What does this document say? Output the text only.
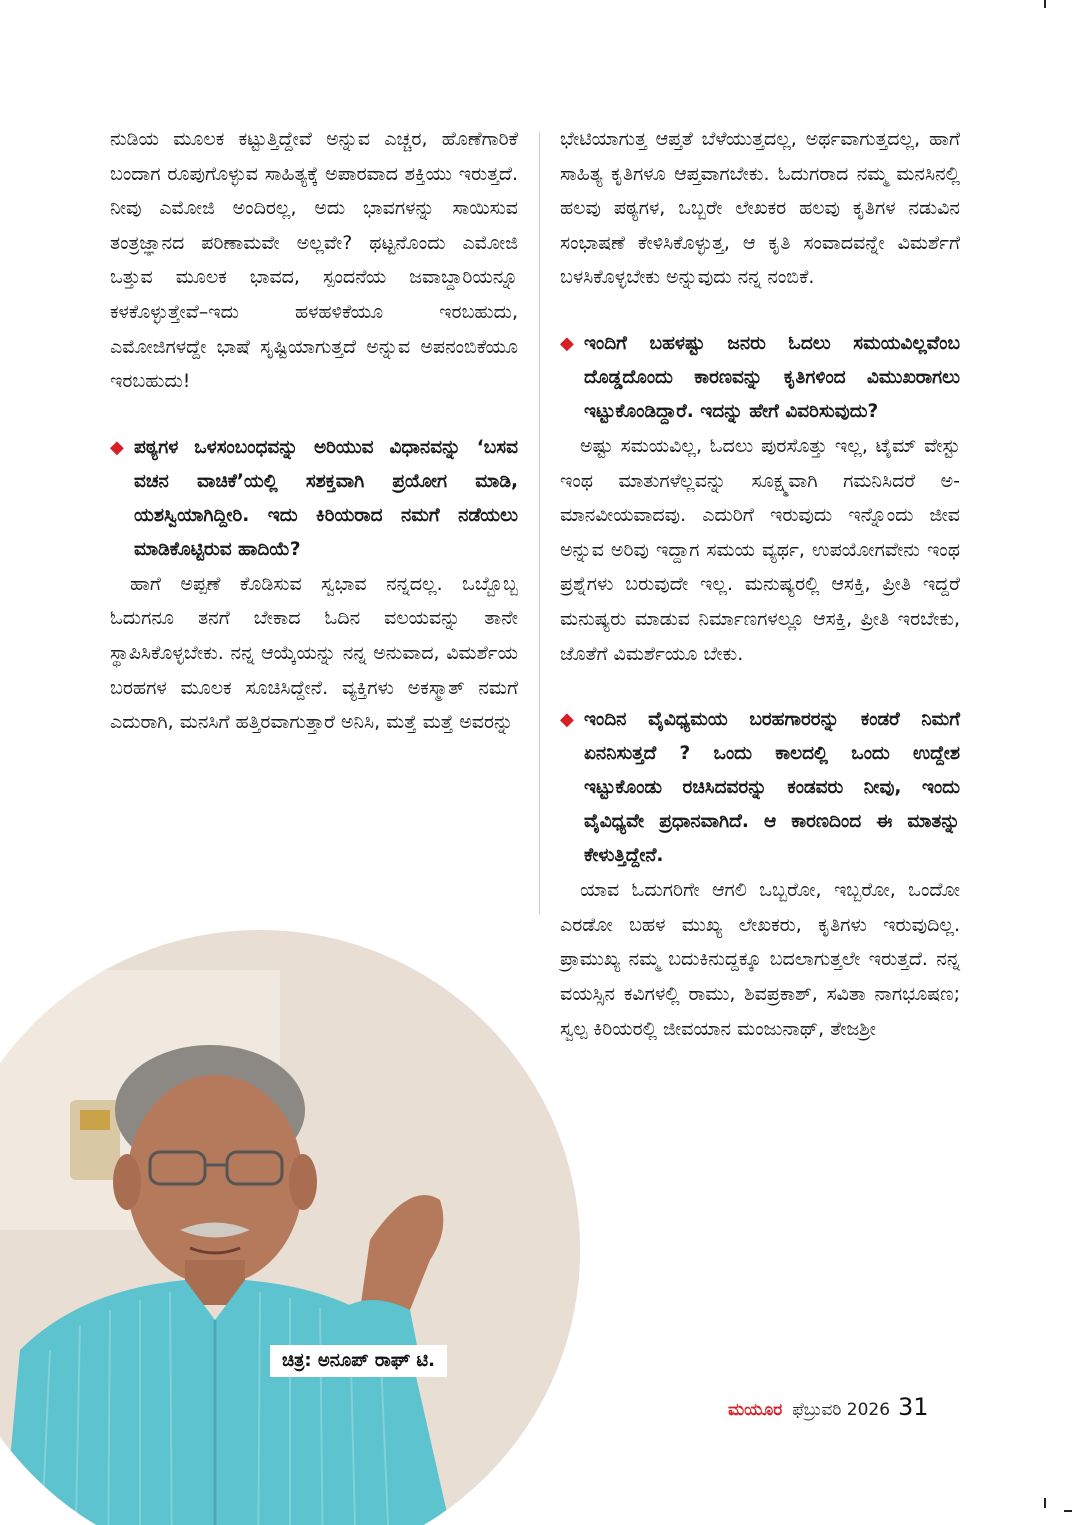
ನುಡಿಯ ಮೂಲಕ ಕಟ್ಟುತ್ತಿದ್ದೇವೆ ಅನ್ನುವ ಎಚ್ಚರ, ಹೊಣೆಗಾರಿಕೆ ಬಂದಾಗ ರೂಪುಗೊಳ್ಳುವ ಸಾಹಿತ್ಯಕ್ಕೆ ಅಪಾರವಾದ ಶಕ್ತಿಯು ಇರುತ್ತದೆ. ನೀವು ಎಮೋಜಿ ಅಂದಿರಲ್ಲ, ಅದು ಭಾವಗಳನ್ನು ಸಾಯಿಸುವ ತಂತ್ರಜ್ಞಾನದ ಪರಿಣಾಮವೇ ಅಲ್ಲವೇ? ಥಟ್ಟನೊಂದು ಎಮೋಜಿ ಒತ್ತುವ ಮೂಲಕ ಭಾವದ, ಸ್ಪಂದನೆಯ ಜವಾಬ್ದಾರಿಯನ್ನೂ ಕಳಕೊಳ್ಳುತ್ತೇವೆ–ಇದು ಹಳಹಳಿಕೆಯೂ ಇರಬಹುದು, ಎಮೋಜಿಗಳದ್ದೇ ಭಾಷೆ ಸೃಷ್ಟಿಯಾಗುತ್ತದೆ ಅನ್ನುವ ಅಪನಂಬಿಕೆಯೂ ಇರಬಹುದು!

◆ ಪಠ್ಯಗಳ ಒಳಸಂಬಂಧವನ್ನು ಅರಿಯುವ ವಿಧಾನವನ್ನು ‘ಬಸವ ವಚನ ವಾಚಿಕೆ’ಯಲ್ಲಿ ಸಶಕ್ತವಾಗಿ ಪ್ರಯೋಗ ಮಾಡಿ, ಯಶಸ್ವಿಯಾಗಿದ್ದೀರಿ. ಇದು ಕಿರಿಯರಾದ ನಮಗೆ ನಡೆಯಲು ಮಾಡಿಕೊಟ್ಟಿರುವ ಹಾದಿಯೆ?

ಹಾಗೆ ಅಪ್ಪಣೆ ಕೊಡಿಸುವ ಸ್ವಭಾವ ನನ್ನದಲ್ಲ. ಒಬ್ಬೊಬ್ಬ ಓದುಗನೂ ತನಗೆ ಬೇಕಾದ ಓದಿನ ವಲಯವನ್ನು ತಾನೇ ಸ್ಥಾಪಿಸಿಕೊಳ್ಳಬೇಕು. ನನ್ನ ಆಯ್ಕೆಯನ್ನು ನನ್ನ ಅನುವಾದ, ವಿಮರ್ಶೆಯ ಬರಹಗಳ ಮೂಲಕ ಸೂಚಿಸಿದ್ದೇನೆ. ವ್ಯಕ್ತಿಗಳು ಅಕಸ್ಮಾತ್ ನಮಗೆ ಎದುರಾಗಿ, ಮನಸಿಗೆ ಹತ್ತಿರವಾಗುತ್ತಾರೆ ಅನಿಸಿ, ಮತ್ತೆ ಮತ್ತೆ ಅವರನ್ನು

ಭೇಟಿಯಾಗುತ್ತ ಆಪ್ತತೆ ಬೆಳೆಯುತ್ತದಲ್ಲ, ಅರ್ಥವಾಗುತ್ತದಲ್ಲ, ಹಾಗೆ ಸಾಹಿತ್ಯ ಕೃತಿಗಳೂ ಆಪ್ತವಾಗಬೇಕು. ಓದುಗರಾದ ನಮ್ಮ ಮನಸಿನಲ್ಲಿ ಹಲವು ಪಠ್ಯಗಳ, ಒಬ್ಬರೇ ಲೇಖಕರ ಹಲವು ಕೃತಿಗಳ ನಡುವಿನ ಸಂಭಾಷಣೆ ಕೇಳಿಸಿಕೊಳ್ಳುತ್ತ, ಆ ಕೃತಿ ಸಂವಾದವನ್ನೇ ವಿಮರ್ಶೆಗೆ ಬಳಸಿಕೊಳ್ಳಬೇಕು ಅನ್ನುವುದು ನನ್ನ ನಂಬಿಕೆ.

◆ ಇಂದಿಗೆ ಬಹಳಷ್ಟು ಜನರು ಓದಲು ಸಮಯವಿಲ್ಲವೆಂಬ ದೊಡ್ಡದೊಂದು ಕಾರಣವನ್ನು ಕೃತಿಗಳಿಂದ ವಿಮುಖರಾಗಲು ಇಟ್ಟುಕೊಂಡಿದ್ದಾರೆ. ಇದನ್ನು ಹೇಗೆ ವಿವರಿಸುವುದು?

ಅಷ್ಟು ಸಮಯವಿಲ್ಲ, ಓದಲು ಪುರಸೊತ್ತು ಇಲ್ಲ, ಟೈಮ್ ವೇಸ್ಟು ಇಂಥ ಮಾತುಗಳೆಲ್ಲವನ್ನು ಸೂಕ್ಷ್ಮವಾಗಿ ಗಮನಿಸಿದರೆ ಅ-ಮಾನವೀಯವಾದವು. ಎದುರಿಗೆ ಇರುವುದು ಇನ್ನೊಂದು ಜೀವ ಅನ್ನುವ ಅರಿವು ಇದ್ದಾಗ ಸಮಯ ವ್ಯರ್ಥ, ಉಪಯೋಗವೇನು ಇಂಥ ಪ್ರಶ್ನೆಗಳು ಬರುವುದೇ ಇಲ್ಲ. ಮನುಷ್ಯರಲ್ಲಿ ಆಸಕ್ತಿ, ಪ್ರೀತಿ ಇದ್ದರೆ ಮನುಷ್ಯರು ಮಾಡುವ ನಿರ್ಮಾಣಗಳಲ್ಲೂ ಆಸಕ್ತಿ, ಪ್ರೀತಿ ಇರಬೇಕು, ಜೊತೆಗೆ ವಿಮರ್ಶೆಯೂ ಬೇಕು.

◆ ಇಂದಿನ ವೈವಿಧ್ಯಮಯ ಬರಹಗಾರರನ್ನು ಕಂಡರೆ ನಿಮಗೆ ಏನನಿಸುತ್ತದೆ ? ಒಂದು ಕಾಲದಲ್ಲಿ ಒಂದು ಉದ್ದೇಶ ಇಟ್ಟುಕೊಂಡು ರಚಿಸಿದವರನ್ನು ಕಂಡವರು ನೀವು, ಇಂದು ವೈವಿಧ್ಯವೇ ಪ್ರಧಾನವಾಗಿದೆ. ಆ ಕಾರಣದಿಂದ ಈ ಮಾತನ್ನು ಕೇಳುತ್ತಿದ್ದೇನೆ.

ಯಾವ ಓದುಗರಿಗೇ ಆಗಲಿ ಒಬ್ಬರೋ, ಇಬ್ಬರೋ, ಒಂದೋ ಎರಡೋ ಬಹಳ ಮುಖ್ಯ ಲೇಖಕರು, ಕೃತಿಗಳು ಇರುವುದಿಲ್ಲ. ಪ್ರಾಮುಖ್ಯ ನಮ್ಮ ಬದುಕಿನುದ್ದಕ್ಕೂ ಬದಲಾಗುತ್ತಲೇ ಇರುತ್ತದೆ. ನನ್ನ ವಯಸ್ಸಿನ ಕವಿಗಳಲ್ಲಿ ರಾಮು, ಶಿವಪ್ರಕಾಶ್, ಸವಿತಾ ನಾಗಭೂಷಣ; ಸ್ವಲ್ಪ ಕಿರಿಯರಲ್ಲಿ ಜೀವಯಾನ ಮಂಜುನಾಥ್, ತೇಜಶ್ರೀ

ಚಿತ್ರ: ಅನೂಪ್ ರಾಘ್ ಟಿ.
ಮಯೂರ ಫೆಬ್ರುವರಿ 2026 31
